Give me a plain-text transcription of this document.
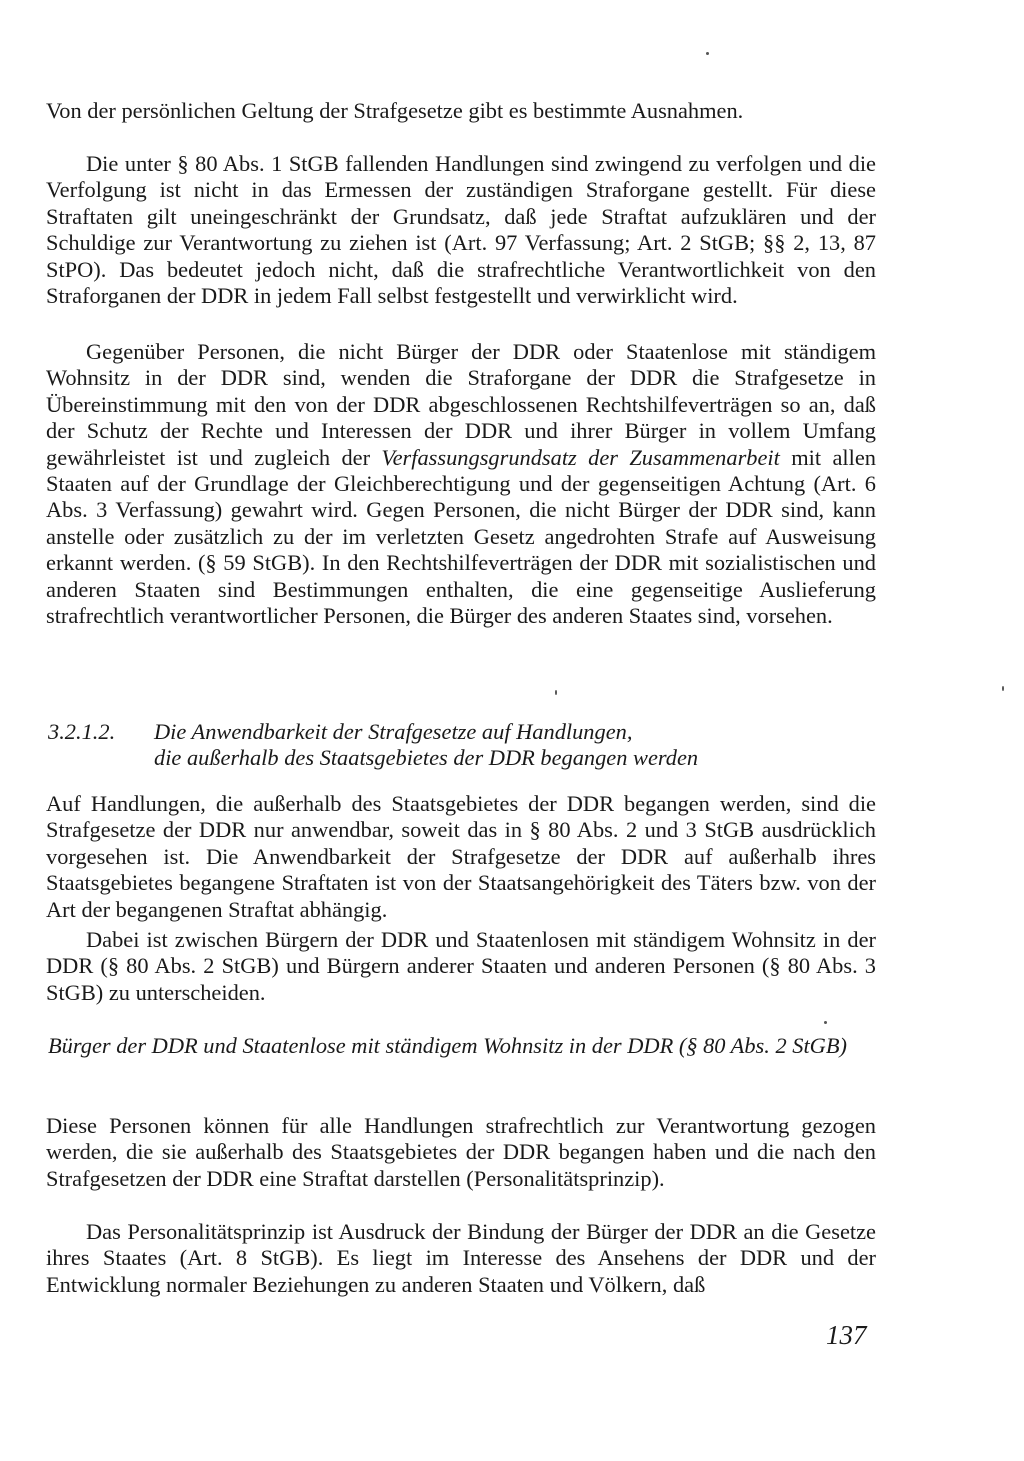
Von der persönlichen Geltung der Strafgesetze gibt es bestimmte Ausnahmen.

Die unter § 80 Abs. 1 StGB fallenden Handlungen sind zwingend zu verfolgen und die Verfolgung ist nicht in das Ermessen der zuständigen Straforgane gestellt. Für diese Straftaten gilt uneingeschränkt der Grundsatz, daß jede Straftat aufzuklären und der Schuldige zur Verantwortung zu ziehen ist (Art. 97 Verfassung; Art. 2 StGB; §§ 2, 13, 87 StPO). Das bedeutet jedoch nicht, daß die strafrechtliche Verantwortlichkeit von den Straforganen der DDR in jedem Fall selbst festgestellt und verwirklicht wird.

Gegenüber Personen, die nicht Bürger der DDR oder Staatenlose mit ständigem Wohnsitz in der DDR sind, wenden die Straforgane der DDR die Strafgesetze in Übereinstimmung mit den von der DDR abgeschlossenen Rechtshilfeverträgen so an, daß der Schutz der Rechte und Interessen der DDR und ihrer Bürger in vollem Umfang gewährleistet ist und zugleich der Verfassungsgrundsatz der Zusammenarbeit mit allen Staaten auf der Grundlage der Gleichberechtigung und der gegenseitigen Achtung (Art. 6 Abs. 3 Verfassung) gewahrt wird. Gegen Personen, die nicht Bürger der DDR sind, kann anstelle oder zusätzlich zu der im verletzten Gesetz angedrohten Strafe auf Ausweisung erkannt werden. (§ 59 StGB). In den Rechtshilfeverträgen der DDR mit sozialistischen und anderen Staaten sind Bestimmungen enthalten, die eine gegenseitige Auslieferung strafrechtlich verantwortlicher Personen, die Bürger des anderen Staates sind, vorsehen.

3.2.1.2. Die Anwendbarkeit der Strafgesetze auf Handlungen,
die außerhalb des Staatsgebietes der DDR begangen werden

Auf Handlungen, die außerhalb des Staatsgebietes der DDR begangen werden, sind die Strafgesetze der DDR nur anwendbar, soweit das in § 80 Abs. 2 und 3 StGB ausdrücklich vorgesehen ist. Die Anwendbarkeit der Strafgesetze der DDR auf außerhalb ihres Staatsgebietes begangene Straftaten ist von der Staatsangehörigkeit des Täters bzw. von der Art der begangenen Straftat abhängig.

Dabei ist zwischen Bürgern der DDR und Staatenlosen mit ständigem Wohnsitz in der DDR (§ 80 Abs. 2 StGB) und Bürgern anderer Staaten und anderen Personen (§ 80 Abs. 3 StGB) zu unterscheiden.

Bürger der DDR und Staatenlose mit ständigem Wohnsitz in der DDR (§ 80 Abs. 2 StGB)

Diese Personen können für alle Handlungen strafrechtlich zur Verantwortung gezogen werden, die sie außerhalb des Staatsgebietes der DDR begangen haben und die nach den Strafgesetzen der DDR eine Straftat darstellen (Personalitätsprinzip).

Das Personalitätsprinzip ist Ausdruck der Bindung der Bürger der DDR an die Gesetze ihres Staates (Art. 8 StGB). Es liegt im Interesse des Ansehens der DDR und der Entwicklung normaler Beziehungen zu anderen Staaten und Völkern, daß

137
